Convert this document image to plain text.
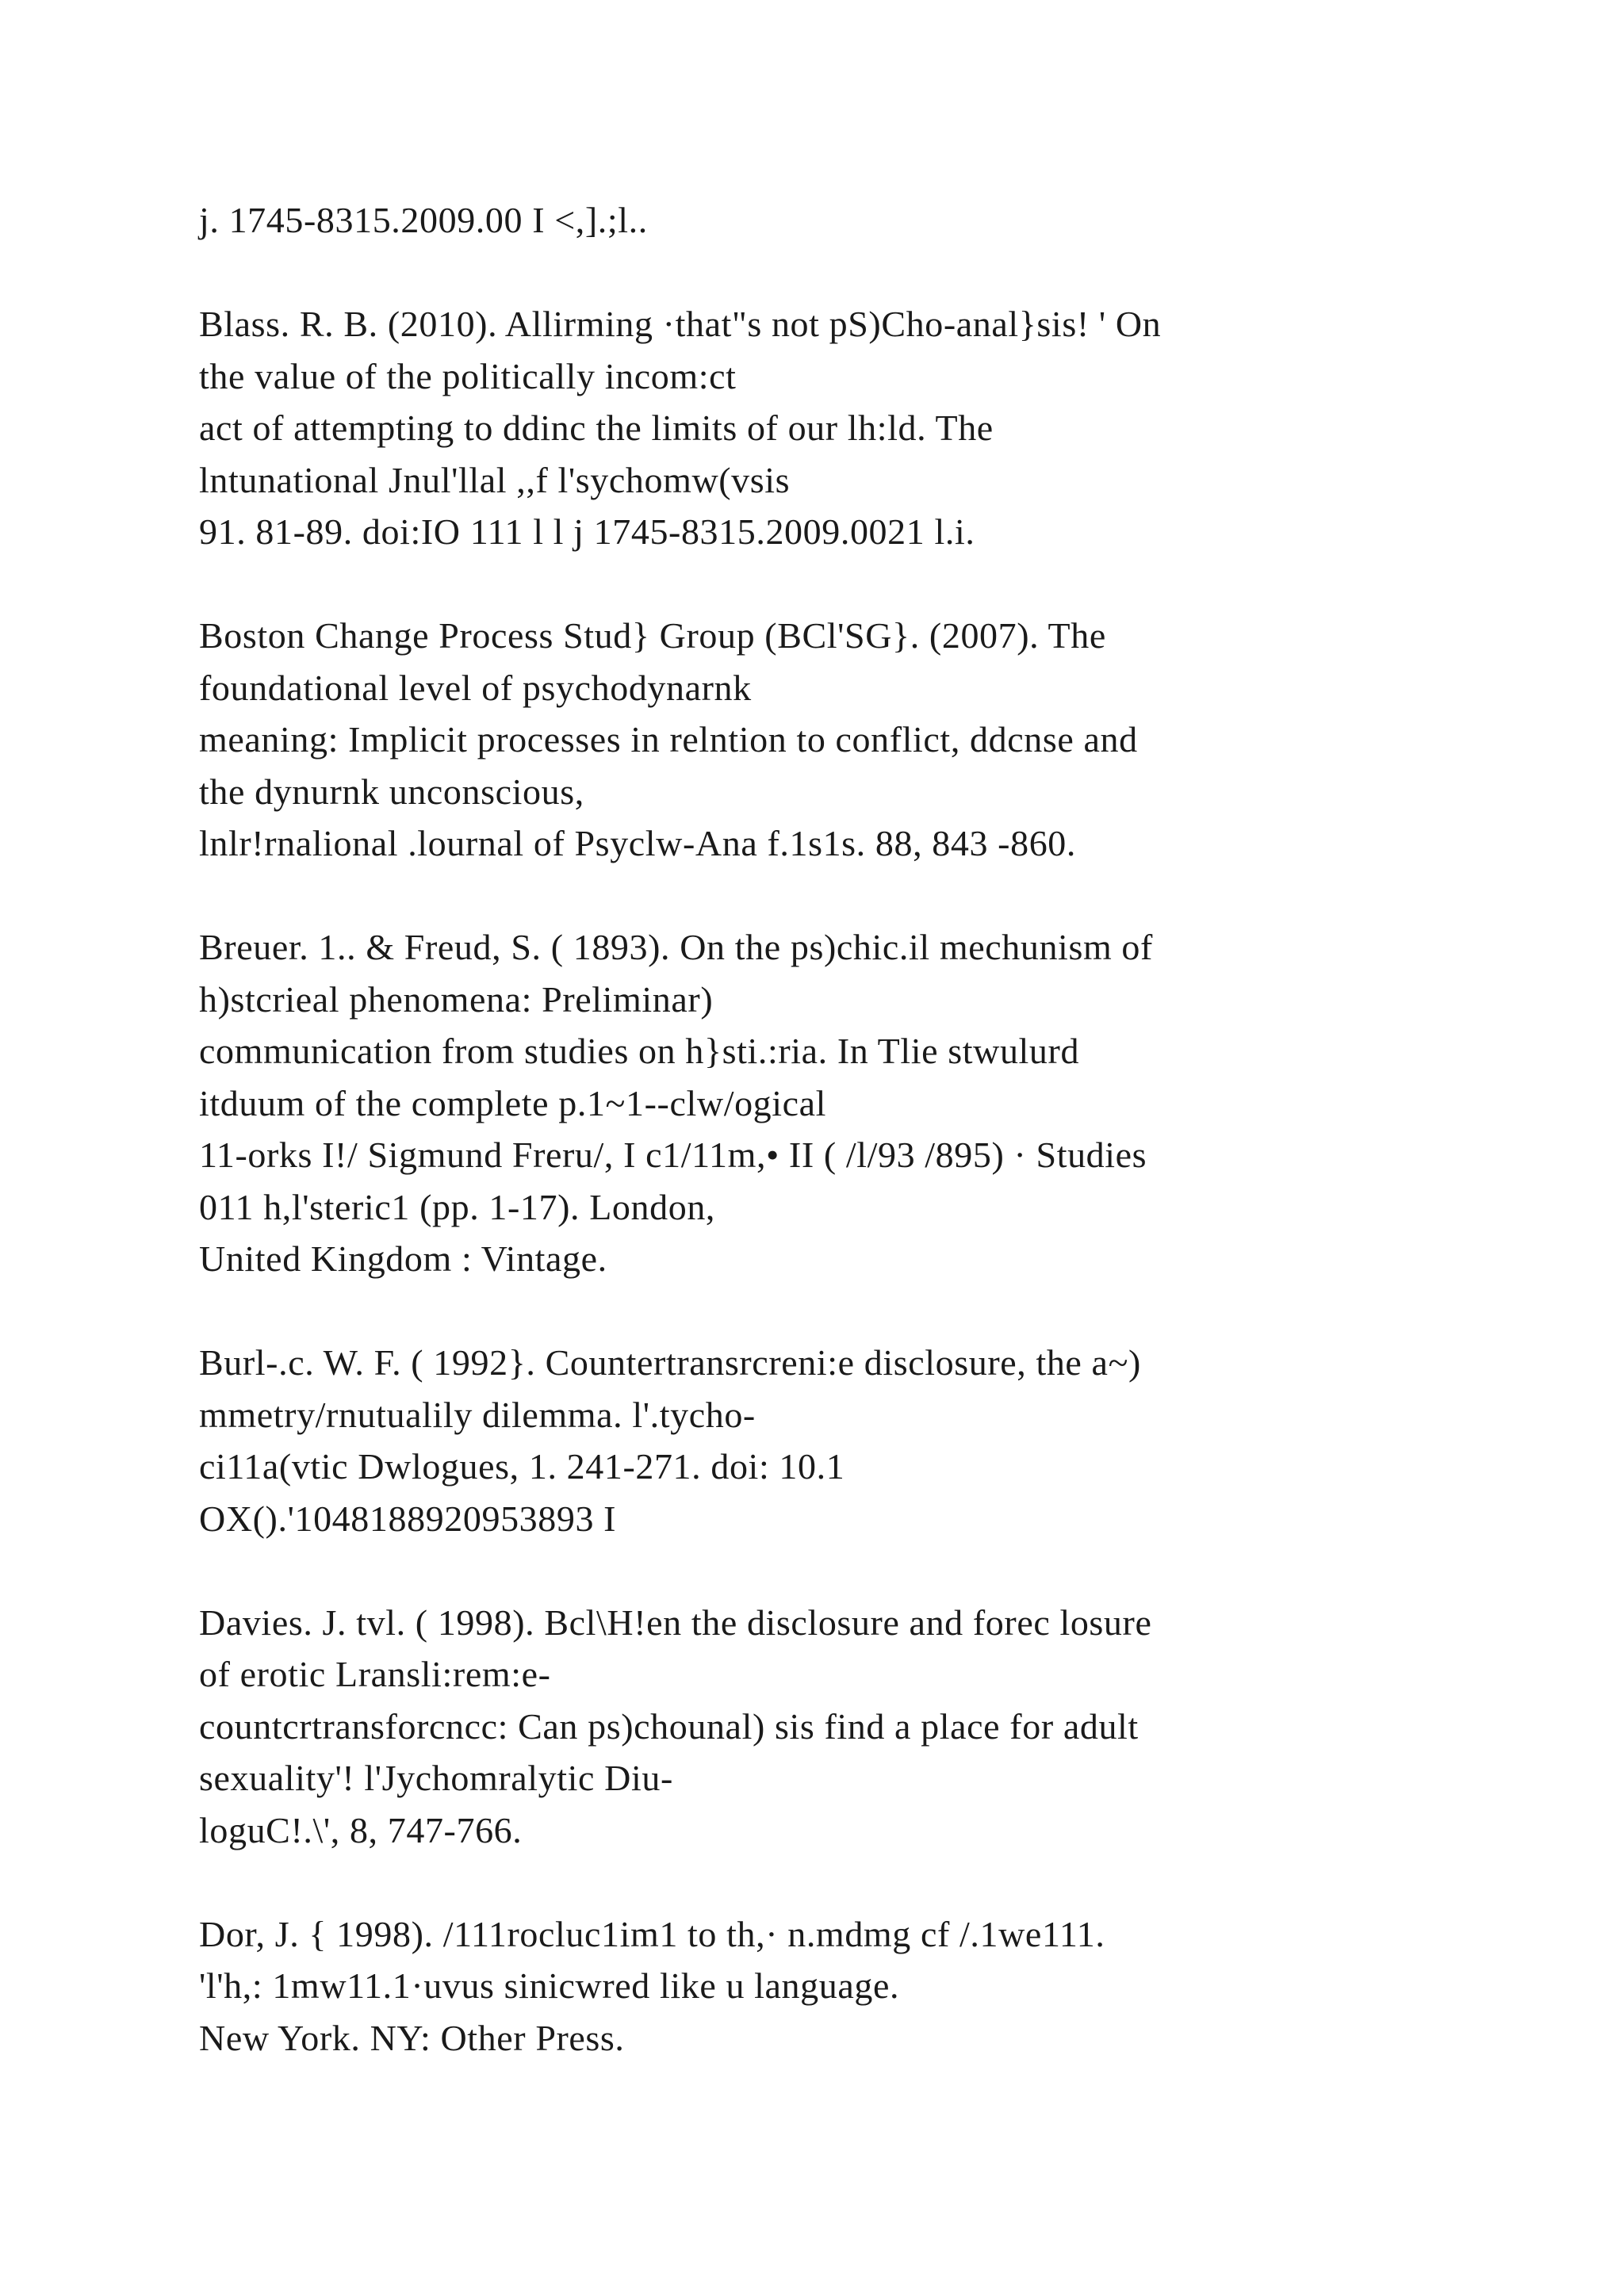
j. 1745-8315.2009.00 I <,].;l..
Blass. R. B. (2010). Allirming ·that"s not pS)Cho-anal}sis! ' On
the value of the politically incom:ct
act of attempting to ddinc the limits of our lh:ld. The
lntunational Jnul'llal ,,f l'sychomw(vsis
91. 81-89. doi:IO 111 l l j 1745-8315.2009.0021 l.i.
Boston Change Process Stud} Group (BCl'SG}. (2007). The
foundational level of psychodynarnk
meaning: Implicit processes in relntion to conflict, ddcnse and
the dynurnk unconscious,
lnlr!rnalional .lournal of Psyclw-Ana f.1s1s. 88, 843 -860.
Breuer. 1.. & Freud, S. ( 1893). On the ps)chic.il mechunism of
h)stcrieal phenomena: Preliminar)
communication from studies on h}sti.:ria. In Tlie stwulurd
itduum of the complete p.1~1--clw/ogical
11-orks I!/ Sigmund Freru/, I c1/11m,• II ( /l/93 /895) · Studies
011 h,l'steric1 (pp. 1-17). London,
United Kingdom : Vintage.
Burl-.c. W. F. ( 1992}. Countertransrcreni:e disclosure, the a~)
mmetry/rnutualily dilemma. l'.tycho-
ci11a(vtic Dwlogues, 1. 241-271. doi: 10.1
OX().'1048188920953893 I
Davies. J. tvl. ( 1998). Bcl\H!en the disclosure and forec losure
of erotic Lransli:rem:e-
countcrtransforcncc: Can ps)chounal) sis find a place for adult
sexuality'! l'Jychomralytic Diu-
loguC!.\', 8, 747-766.
Dor, J. { 1998). /111rocluc1im1 to th,· n.mdmg cf /.1we111.
'l'h,: 1mw11.1·uvus sinicwred like u language.
New York. NY: Other Press.
